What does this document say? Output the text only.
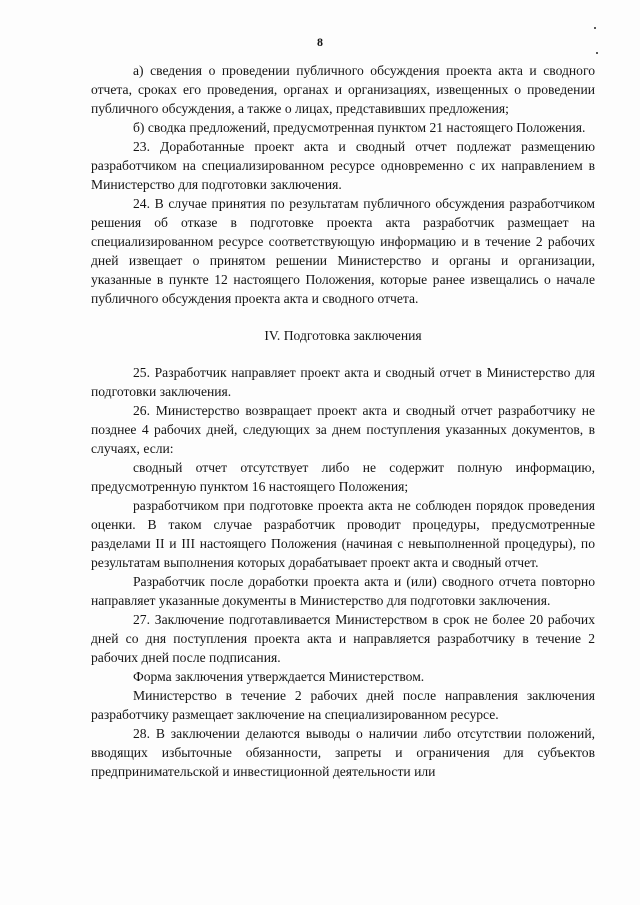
8

а) сведения о проведении публичного обсуждения проекта акта и сводного отчета, сроках его проведения, органах и организациях, извещенных о проведении публичного обсуждения, а также о лицах, представивших предложения;

б) сводка предложений, предусмотренная пунктом 21 настоящего Положения.

23. Доработанные проект акта и сводный отчет подлежат размещению разработчиком на специализированном ресурсе одновременно с их направлением в Министерство для подготовки заключения.

24. В случае принятия по результатам публичного обсуждения разработчиком решения об отказе в подготовке проекта акта разработчик размещает на специализированном ресурсе соответствующую информацию и в течение 2 рабочих дней извещает о принятом решении Министерство и органы и организации, указанные в пункте 12 настоящего Положения, которые ранее извещались о начале публичного обсуждения проекта акта и сводного отчета.

IV. Подготовка заключения

25. Разработчик направляет проект акта и сводный отчет в Министерство для подготовки заключения.

26. Министерство возвращает проект акта и сводный отчет разработчику не позднее 4 рабочих дней, следующих за днем поступления указанных документов, в случаях, если:

сводный отчет отсутствует либо не содержит полную информацию, предусмотренную пунктом 16 настоящего Положения;

разработчиком при подготовке проекта акта не соблюден порядок проведения оценки. В таком случае разработчик проводит процедуры, предусмотренные разделами II и III настоящего Положения (начиная с невыполненной процедуры), по результатам выполнения которых дорабатывает проект акта и сводный отчет.

Разработчик после доработки проекта акта и (или) сводного отчета повторно направляет указанные документы в Министерство для подготовки заключения.

27. Заключение подготавливается Министерством в срок не более 20 рабочих дней со дня поступления проекта акта и направляется разработчику в течение 2 рабочих дней после подписания.

Форма заключения утверждается Министерством.

Министерство в течение 2 рабочих дней после направления заключения разработчику размещает заключение на специализированном ресурсе.

28. В заключении делаются выводы о наличии либо отсутствии положений, вводящих избыточные обязанности, запреты и ограничения для субъектов предпринимательской и инвестиционной деятельности или
